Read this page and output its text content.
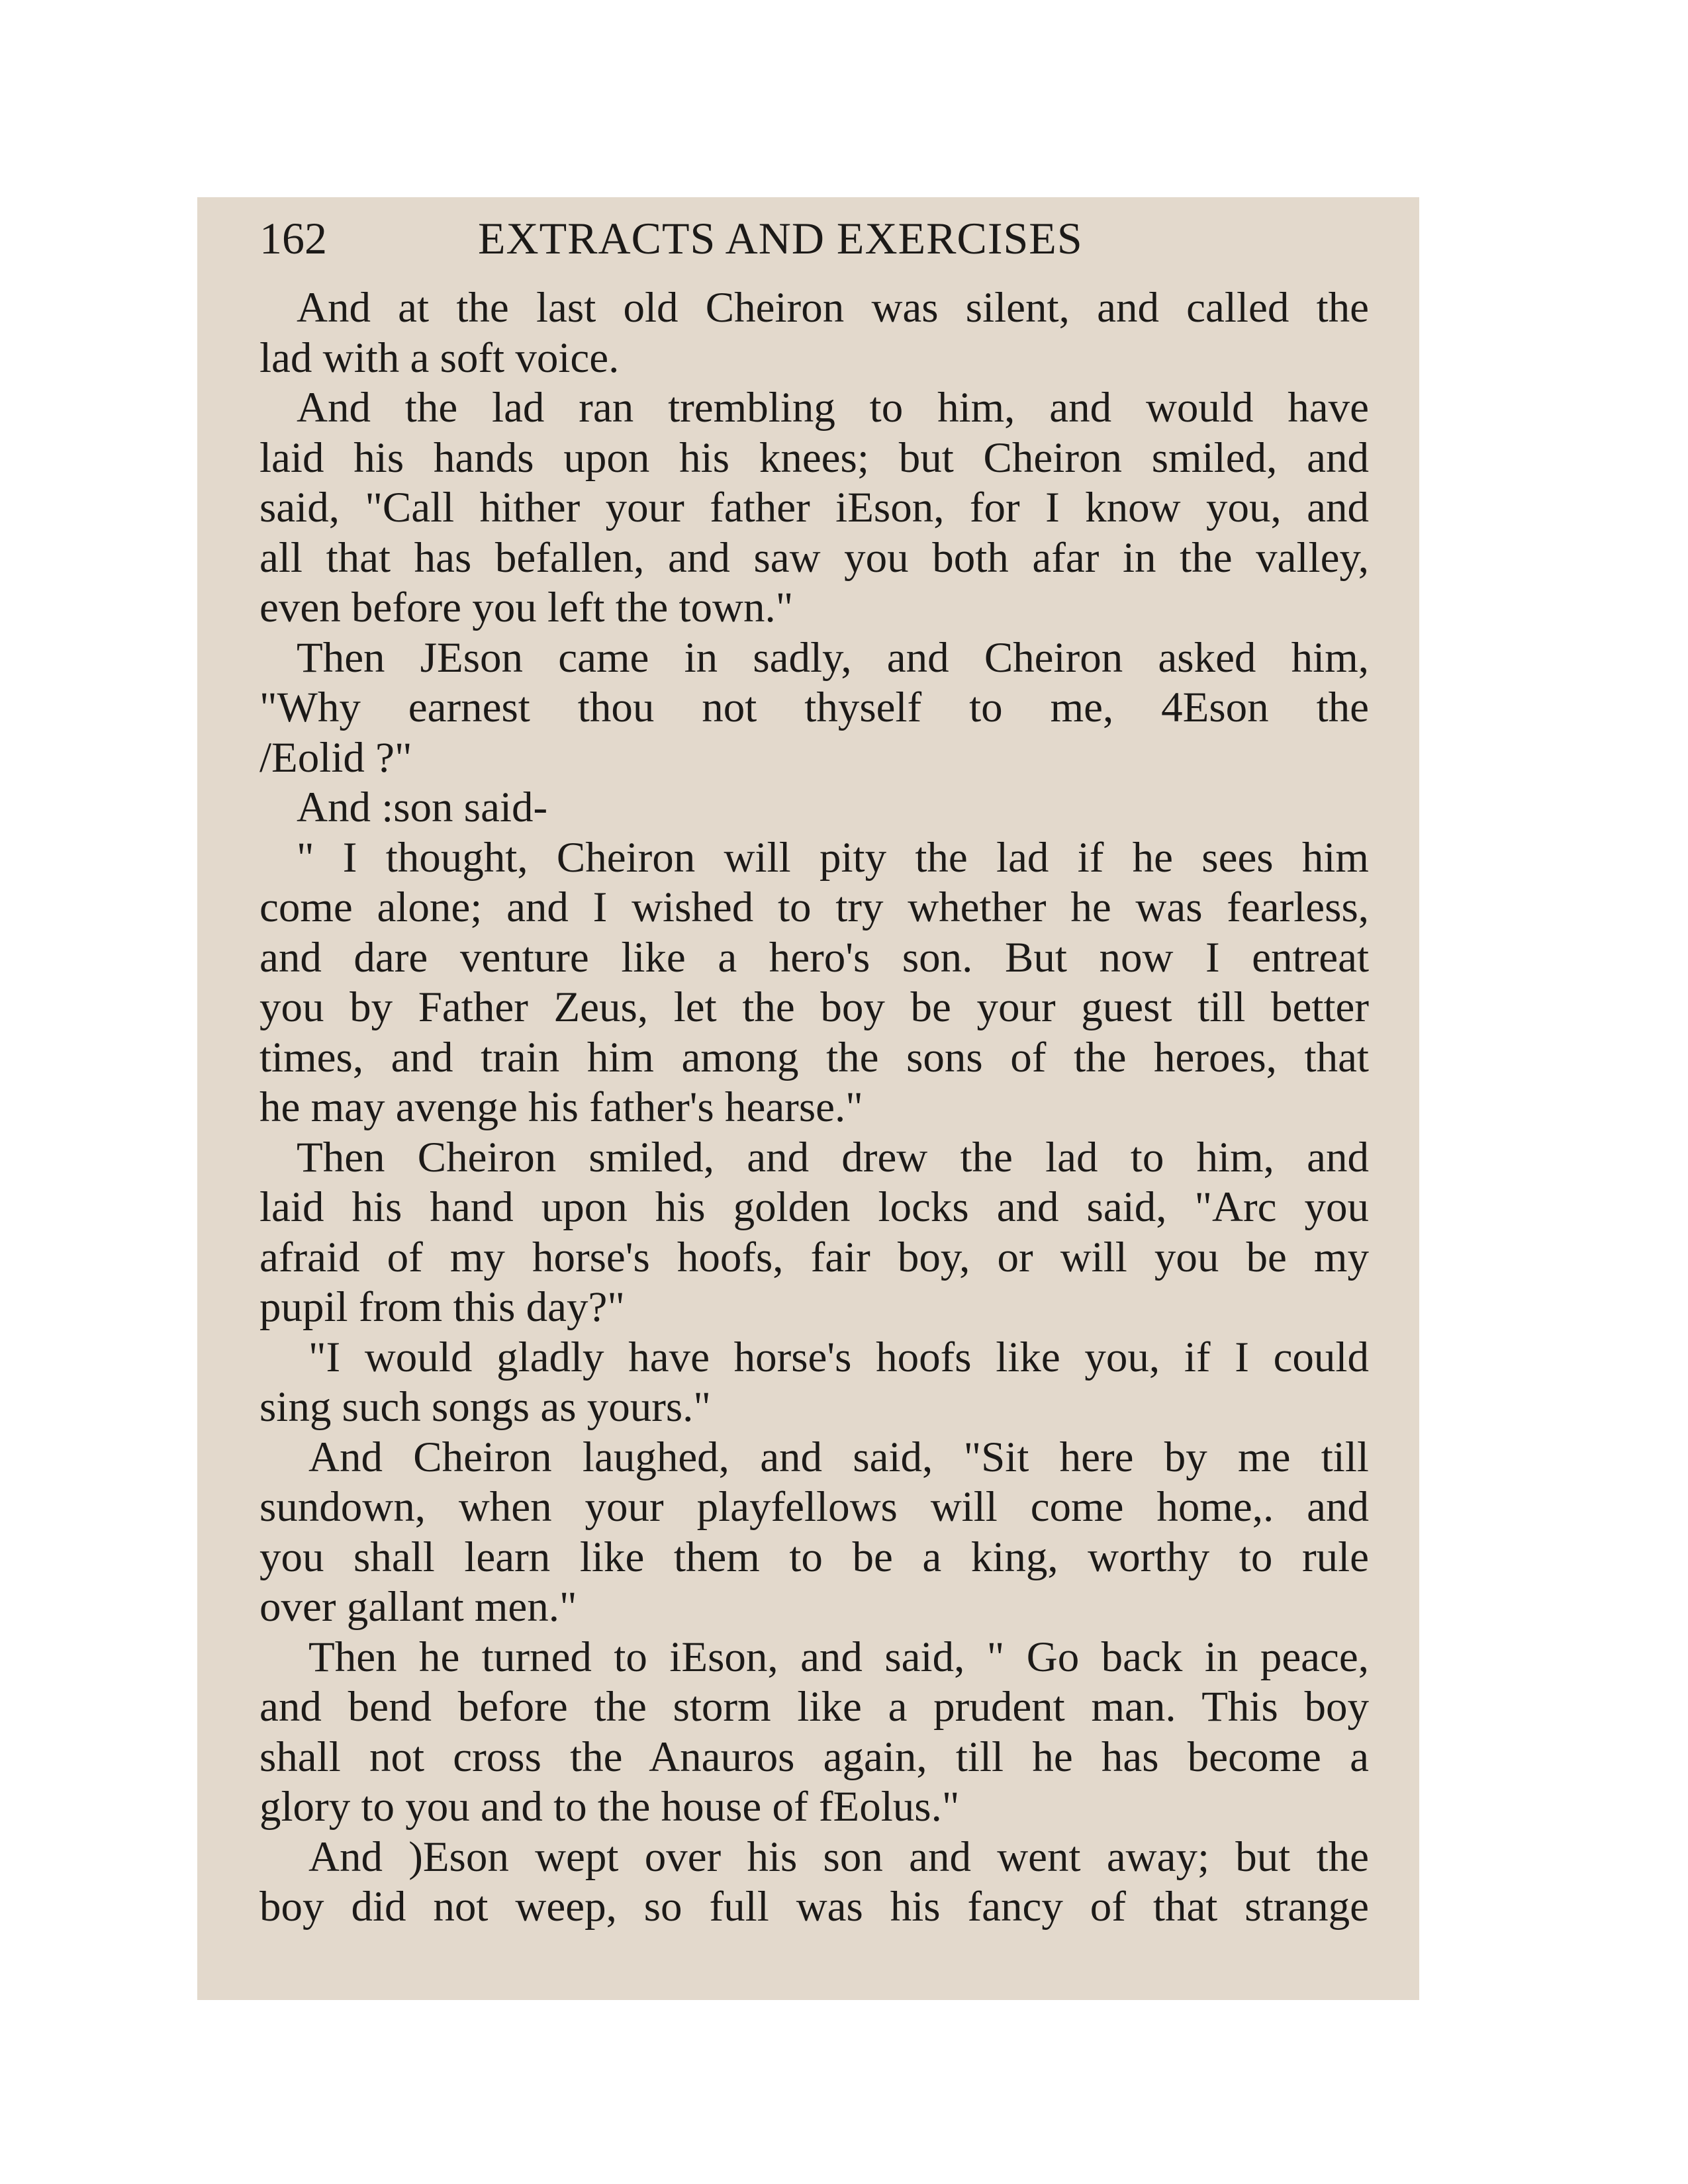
162	EXTRACTS AND EXERCISES

And at the last old Cheiron was silent, and called the
lad with a soft voice.

And the lad ran trembling to him, and would have
laid his hands upon his knees; but Cheiron smiled, and
said, "Call hither your father iEson, for I know you, and
all that has befallen, and saw you both afar in the valley,
even before you left the town."

Then JEson came in sadly, and Cheiron asked him,
"Why earnest thou not thyself to me, 4Eson the
/Eolid ?"

And :son said-

" I thought, Cheiron will pity the lad if he sees him
come alone; and I wished to try whether he was fearless,
and dare venture like a hero's son. But now I entreat
you by Father Zeus, let the boy be your guest till better
times, and train him among the sons of the heroes, that
he may avenge his father's hearse."

Then Cheiron smiled, and drew the lad to him, and
laid his hand upon his golden locks and said, "Arc you
afraid of my horse's hoofs, fair boy, or will you be my
pupil from this day?"

"I would gladly have horse's hoofs like you, if I could
sing such songs as yours."

And Cheiron laughed, and said, "Sit here by me till
sundown, when your playfellows will come home,. and
you shall learn like them to be a king, worthy to rule
over gallant men."

Then he turned to iEson, and said, " Go back in peace,
and bend before the storm like a prudent man. This boy
shall not cross the Anauros again, till he has become a
glory to you and to the house of fEolus."

And )Eson wept over his son and went away; but the
boy did not weep, so full was his fancy of that strange
